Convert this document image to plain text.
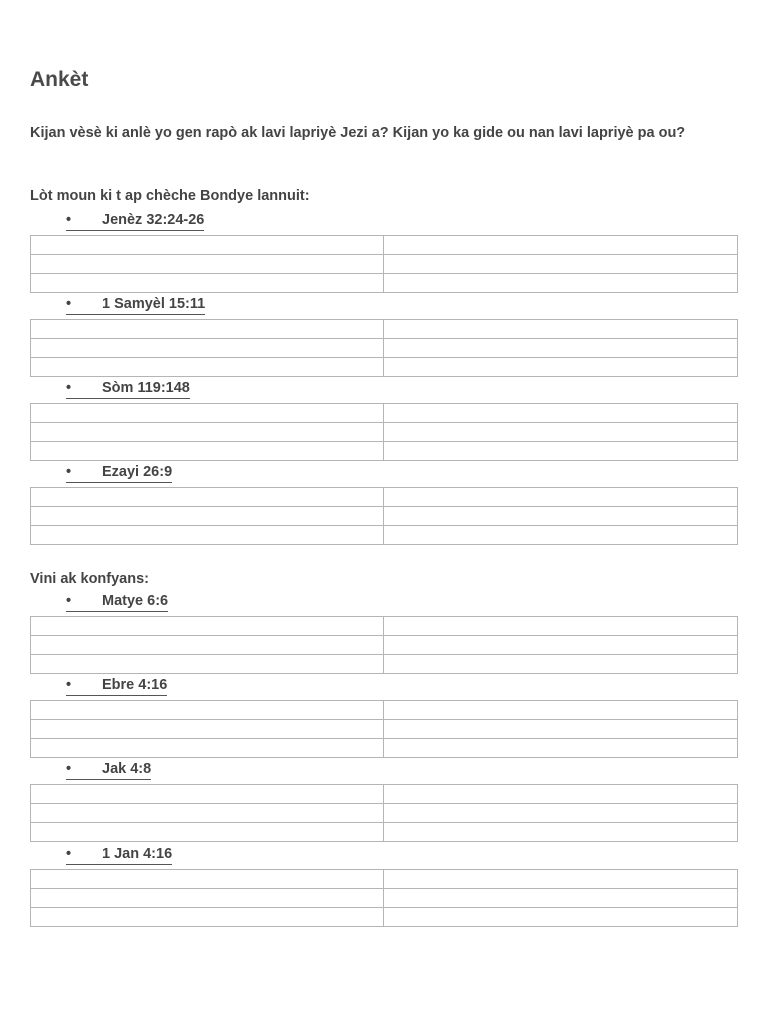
Ankèt
Kijan vèsè ki anlè yo gen rapò ak lavi lapriyè Jezi a? Kijan yo ka gide ou nan lavi lapriyè pa ou?
Lòt moun ki t ap chèche Bondye lannuit:
• Jenèz 32:24-26

• 1 Samyèl 15:11

• Sòm 119:148

• Ezayi 26:9

Vini ak konfyans:
• Matye 6:6

• Ebre 4:16

• Jak 4:8

• 1 Jan 4:16
